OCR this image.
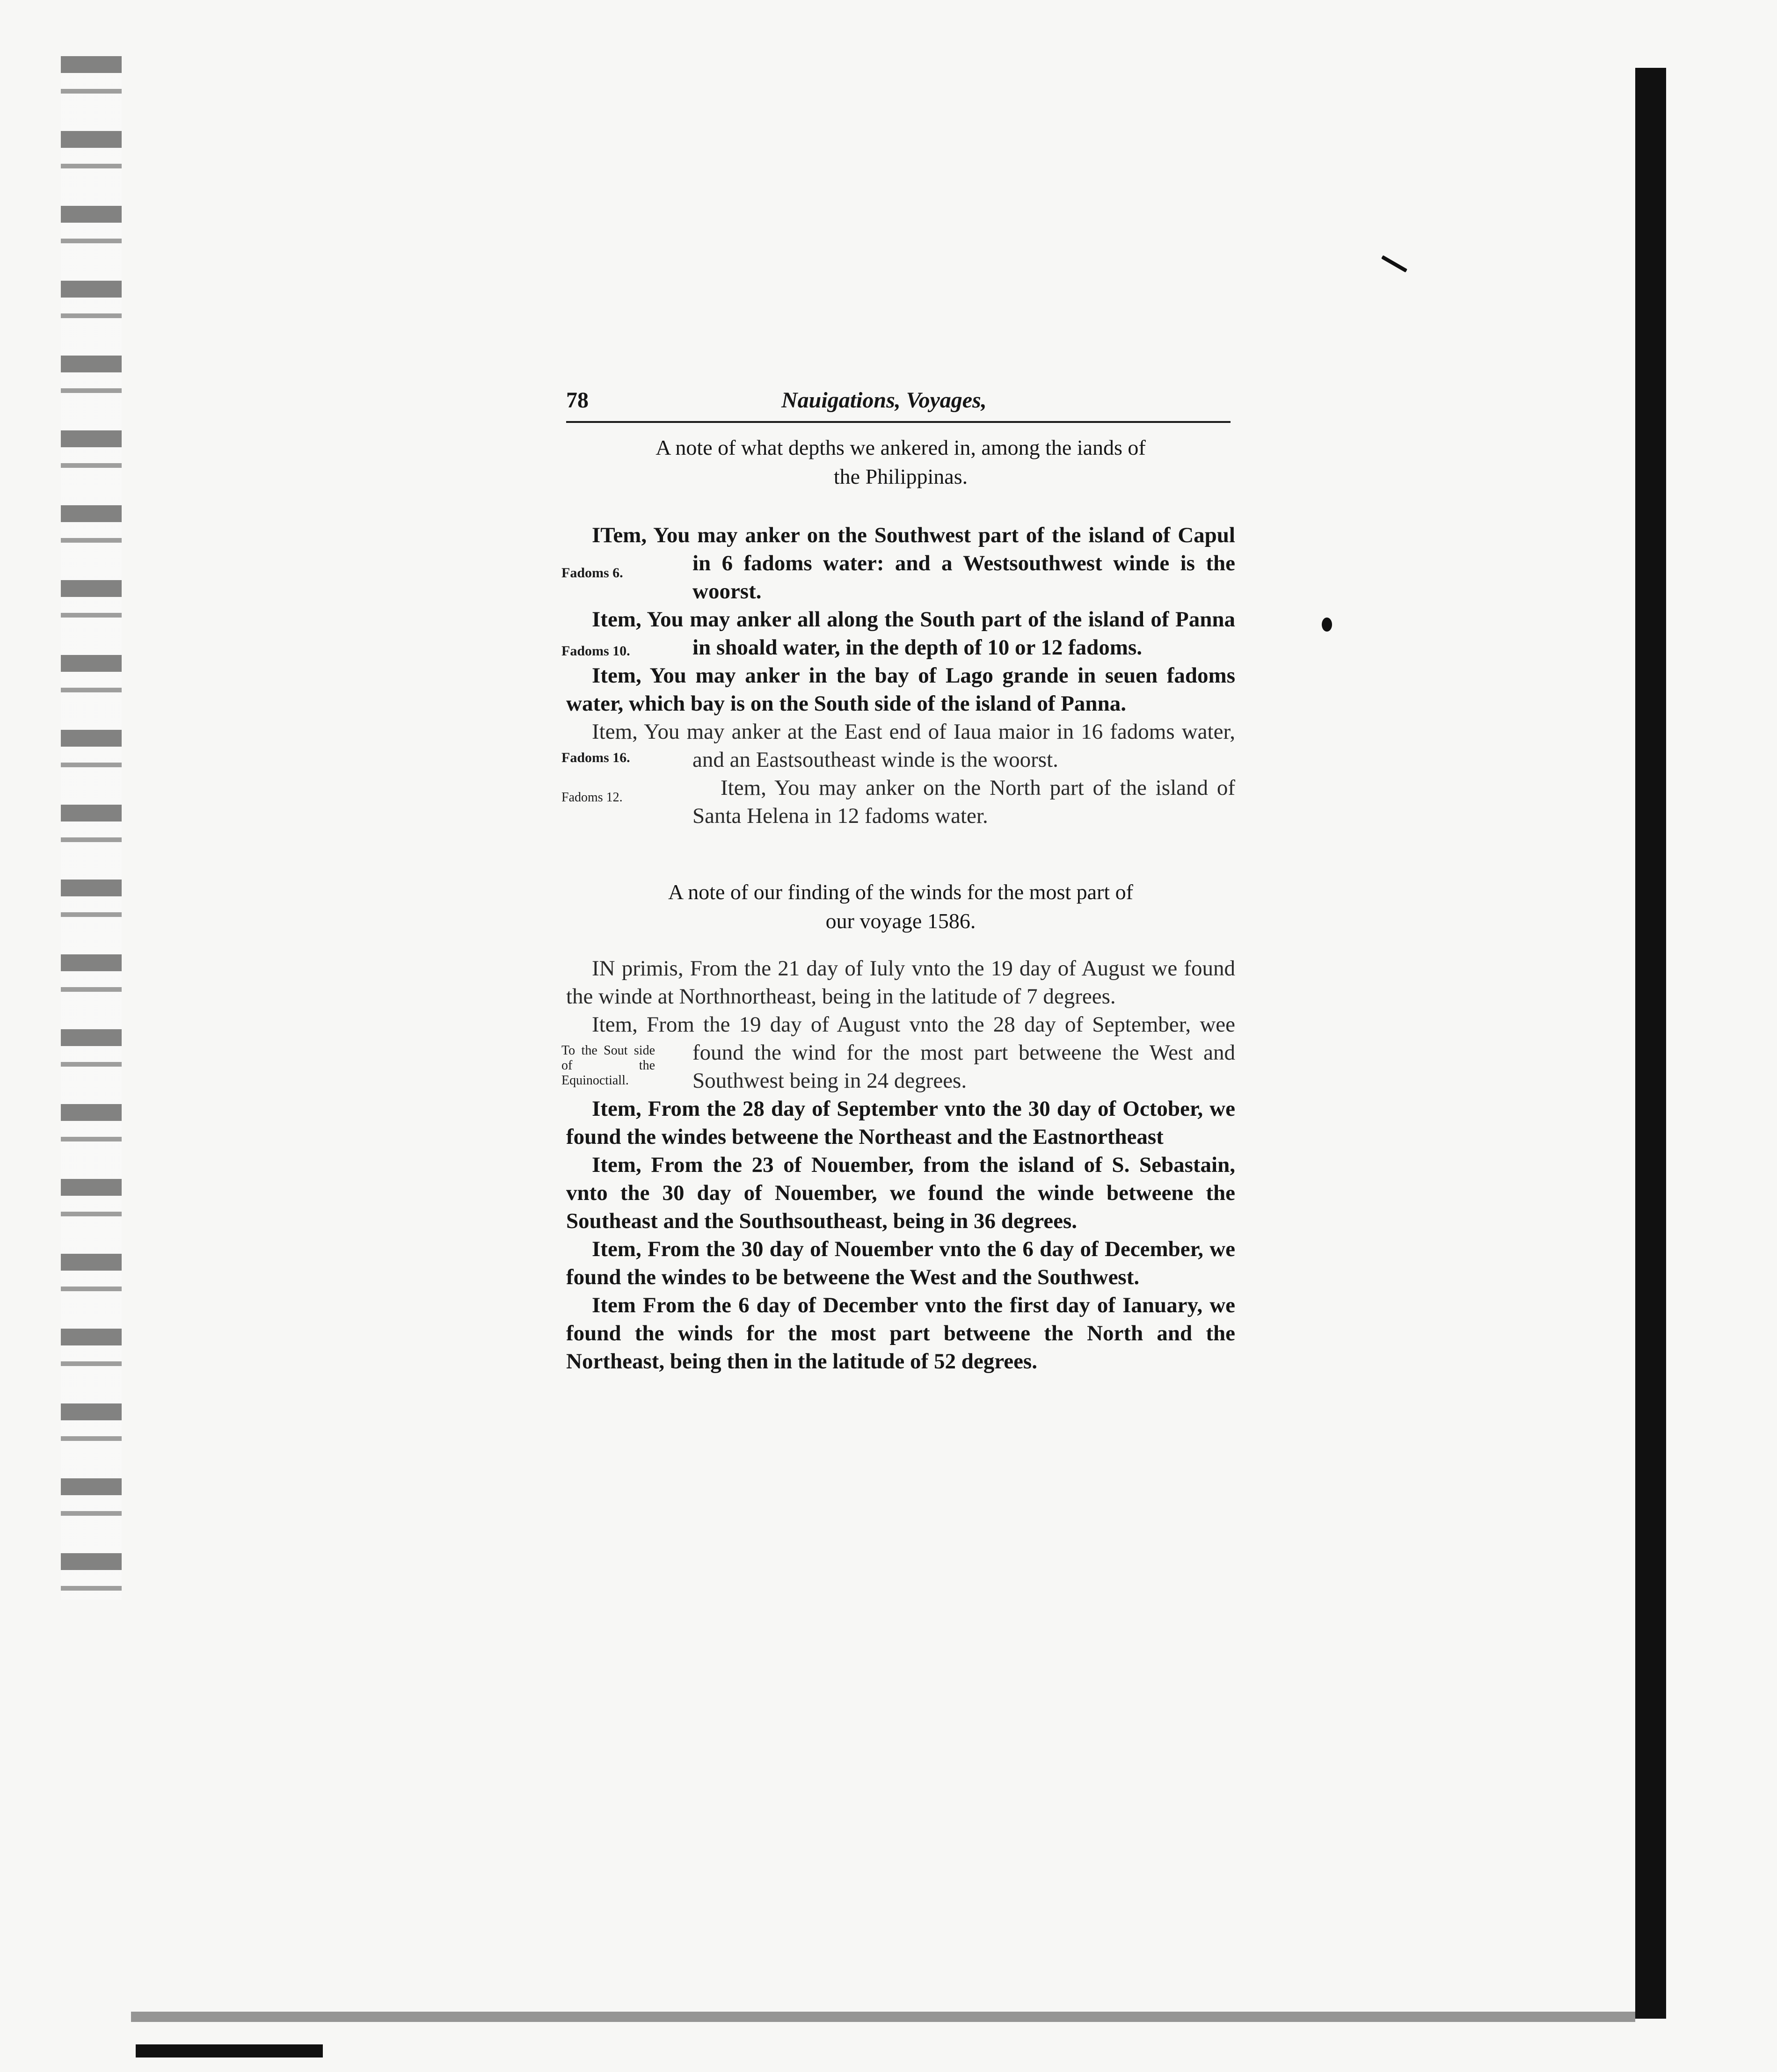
78	Nauigations, Voyages,
A note of what depths we ankered in, among the iands of
the Philippinas.

ITem, You may anker on the Southwest part of the island of Capul in 6 fadoms water: and a Westsouthwest winde is the woorst.
Fadoms 6.

Item, You may anker all along the South part of the island of Panna in shoald water, in the depth of 10 or 12 fadoms.
Fadoms 10.

Item, You may anker in the bay of Lago grande in seuen fadoms water, which bay is on the South side of the island of Panna.

Item, You may anker at the East end of Iaua maior in 16 fadoms water, and an Eastsoutheast winde is the woorst.
Fadoms 16.

Item, You may anker on the North part of the island of Santa Helena in 12 fadoms water.
Fadoms 12.

A note of our finding of the winds for the most part of
our voyage 1586.

IN primis, From the 21 day of Iuly vnto the 19 day of August we found the winde at Northnortheast, being in the latitude of 7 degrees.

Item, From the 19 day of August vnto the 28 day of September, wee found the wind for the most part betweene the West and Southwest being in 24 degrees.
To the Sout side of the Equinoctiall.

Item, From the 28 day of September vnto the 30 day of October, we found the windes betweene the Northeast and the Eastnortheast

Item, From the 23 of Nouember, from the island of S. Sebastain, vnto the 30 day of Nouember, we found the winde betweene the Southeast and the Southsoutheast, being in 36 degrees.

Item, From the 30 day of Nouember vnto the 6 day of December, we found the windes to be betweene the West and the Southwest.

Item From the 6 day of December vnto the first day of Ianuary, we found the winds for the most part betweene the North and the Northeast, being then in the latitude of 52 degrees.
